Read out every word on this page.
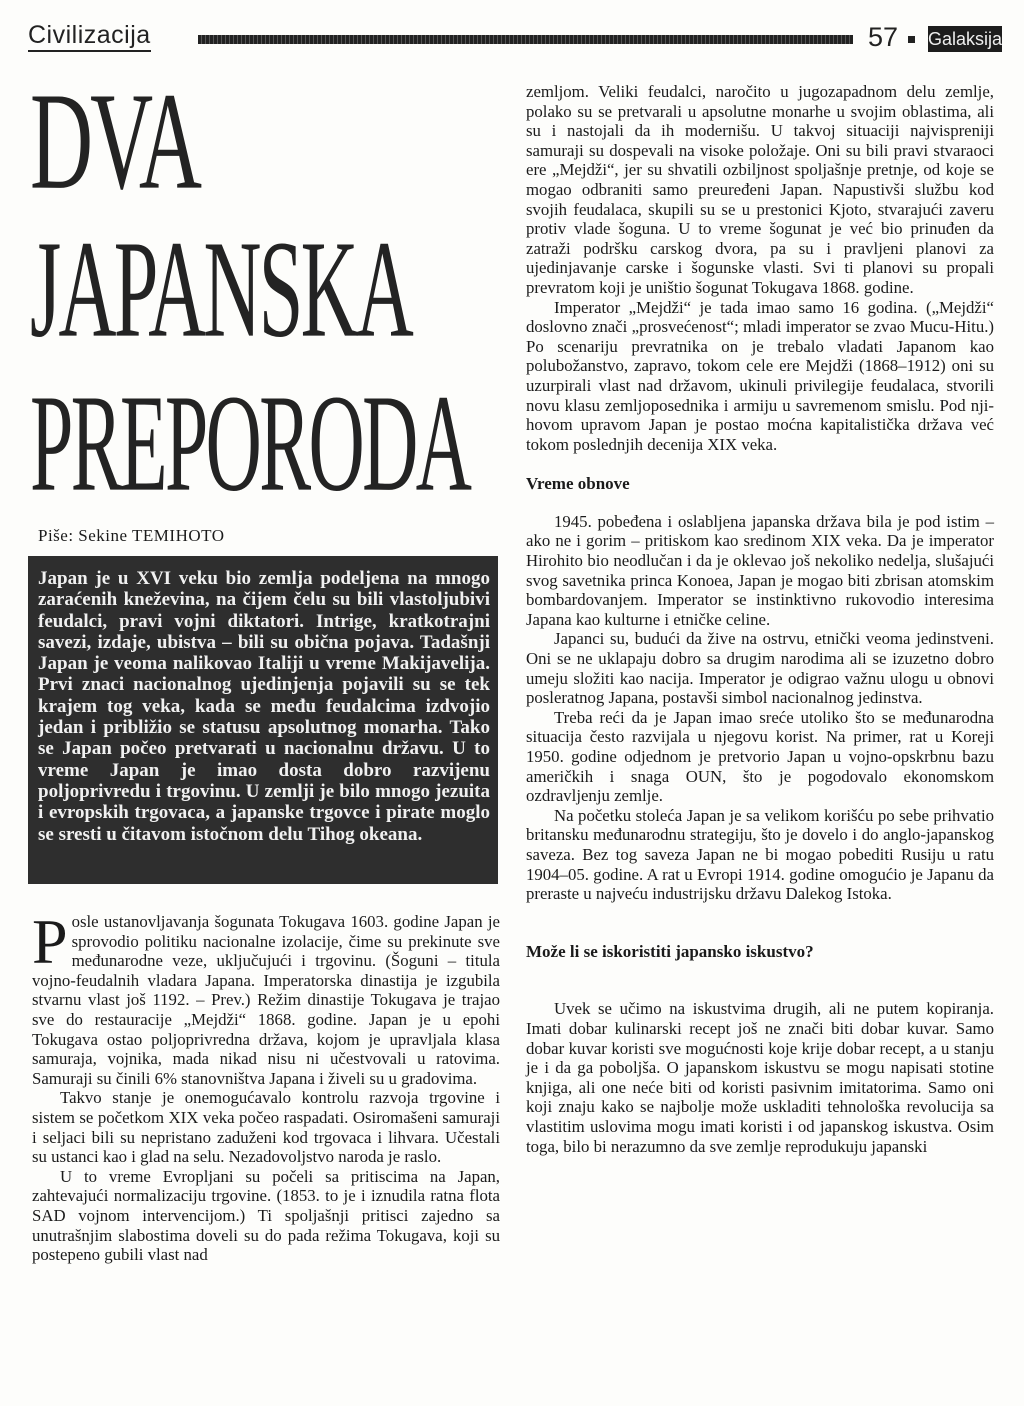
Civilizacija	57 Galaksija
DVA
JAPANSKA
PREPORODA
Piše: Sekine TEMIHOTO

Japan je u XVI veku bio zemlja podeljena na mnogo zaraćenih kneževina, na čijem čelu su bili vlastoljubivi feudalci, pravi vojni diktatori. Intrige, kratkotrajni savezi, izdaje, ubistva – bili su obična pojava. Tadašnji Japan je veoma nalikovao Italiji u vreme Makijavelija. Prvi znaci nacionalnog ujedinjenja pojavili su se tek krajem tog veka, kada se među feudalcima izdvojio jedan i približio se statusu apsolutnog monarha. Tako se Japan počeo pretvarati u nacionalnu državu. U to vreme Japan je imao dosta dobro razvijenu poljoprivredu i trgovinu. U zemlji je bilo mnogo jezuita i evropskih trgovaca, a japanske trgovce i pirate moglo se sresti u čitavom istočnom delu Tihog okeana.

Posle ustanovljavanja šogunata Tokugava 1603. godine Japan je sprovodio politiku nacionalne izolacije, čime su prekinute sve međunarodne veze, uključujući i trgovinu. (Šoguni – titula vojno-feudalnih vladara Japana. Imperatorska dinastija je izgubila stvarnu vlast još 1192. – Prev.) Režim dinastije Tokugava je trajao sve do restauracije „Mejdži“ 1868. godine. Japan je u epohi Tokugava ostao poljoprivredna država, kojom je upravljala klasa samuraja, vojnika, mada nikad nisu ni učestvovali u ratovima. Samuraji su činili 6% stanovništva Japana i živeli su u gradovima.

Takvo stanje je onemogućavalo kontrolu razvoja trgovine i sistem se početkom XIX veka počeo raspadati. Osiromašeni samuraji i seljaci bili su nepristano zaduženi kod trgovaca i lihvara. Učestali su ustanci kao i glad na selu. Nezadovoljstvo naroda je raslo.

U to vreme Evropljani su počeli sa pritiscima na Japan, zahtevajući normalizaciju trgovine. (1853. to je i iznudila ratna flota SAD vojnom intervencijom.) Ti spoljašnji pritisci zajedno sa unutrašnjim slabostima doveli su do pada režima Tokugava, koji su postepeno gubili vlast nad

zemljom. Veliki feudalci, naročito u jugozapadnom delu zemlje, polako su se pretvarali u apsolutne monarhe u svojim oblastima, ali su i nastojali da ih modernišu. U takvoj situaciji najvispreniji samuraji su dospevali na visoke položaje. Oni su bili pravi stvaraoci ere „Mejdži“, jer su shvatili ozbiljnost spoljašnje pretnje, od koje se mogao odbraniti samo preuređeni Japan. Napustivši službu kod svojih feudalaca, skupili su se u prestonici Kjoto, stvarajući zaveru protiv vlade šoguna. U to vreme šogunat je već bio prinuđen da zatraži podršku carskog dvora, pa su i pravljeni planovi za ujedinjavanje carske i šogunske vlasti. Svi ti planovi su propali prevratom koji je uništio šogunat Tokugava 1868. godine.

Imperator „Mejdži“ je tada imao samo 16 godina. („Mejdži“ doslovno znači „prosvećenost“; mladi imperator se zvao Mucu-Hitu.) Po scenariju prevratnika on je trebalo vladati Japanom kao polubožanstvo, zapravo, tokom cele ere Mejdži (1868–1912) oni su uzurpirali vlast nad državom, ukinuli privilegije feudalaca, stvorili novu klasu zemljoposednika i armiju u savremenom smislu. Pod njihovom upravom Japan je postao moćna kapitalistička država već tokom poslednjih decenija XIX veka.

Vreme obnove

1945. pobeđena i oslabljena japanska država bila je pod istim – ako ne i gorim – pritiskom kao sredinom XIX veka. Da je imperator Hirohito bio neodlučan i da je oklevao još nekoliko nedelja, slušajući svog savetnika princa Konoea, Japan je mogao biti zbrisan atomskim bombardovanjem. Imperator se instinktivno rukovodio interesima Japana kao kulturne i etničke celine.

Japanci su, budući da žive na ostrvu, etnički veoma jedinstveni. Oni se ne uklapaju dobro sa drugim narodima ali se izuzetno dobro umeju složiti kao nacija. Imperator je odigrao važnu ulogu u obnovi posleratnog Japana, postavši simbol nacionalnog jedinstva.

Treba reći da je Japan imao sreće utoliko što se međunarodna situacija često razvijala u njegovu korist. Na primer, rat u Koreji 1950. godine odjednom je pretvorio Japan u vojno-opskrbnu bazu američkih i snaga OUN, što je pogodovalo ekonomskom ozdravljenju zemlje.

Na početku stoleća Japan je sa velikom korišću po sebe prihvatio britansku međunarodnu strategiju, što je dovelo i do anglo-japanskog saveza. Bez tog saveza Japan ne bi mogao pobediti Rusiju u ratu 1904–05. godine. A rat u Evropi 1914. godine omogućio je Japanu da preraste u najveću industrijsku državu Dalekog Istoka.

Može li se iskoristiti japansko iskustvo?

Uvek se učimo na iskustvima drugih, ali ne putem kopiranja. Imati dobar kulinarski recept još ne znači biti dobar kuvar. Samo dobar kuvar koristi sve mogućnosti koje krije dobar recept, a u stanju je i da ga poboljša. O japanskom iskustvu se mogu napisati stotine knjiga, ali one neće biti od koristi pasivnim imitatorima. Samo oni koji znaju kako se najbolje može uskladiti tehnološka revolucija sa vlastitim uslovima mogu imati koristi i od japanskog iskustva. Osim toga, bilo bi nerazumno da sve zemlje reprodukuju japanski
